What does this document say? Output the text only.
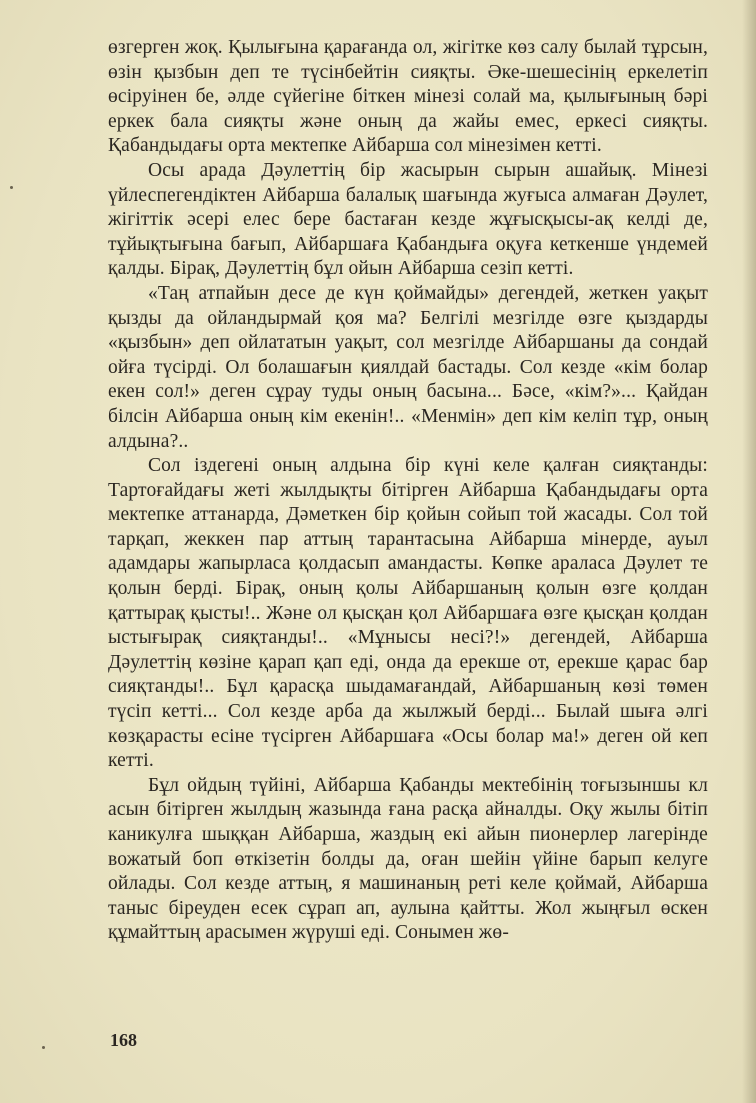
өзгерген жоқ. Қылығына қарағанда ол, жігітке көз салу былай тұрсын, өзін қызбын деп те түсінбейтін сияқты. Әке-шешесінің еркелетіп өсіруінен бе, әлде сүйегіне біткен мінезі солай ма, қылығының бәрі еркек бала сияқты және оның да жайы емес, еркесі сияқты. Қабандыдағы орта мектепке Айбарша сол мінезімен кетті.

Осы арада Дәулеттің бір жасырын сырын ашайық. Мінезі үйлеспегендіктен Айбарша балалық шағында жуғыса алмаған Дәулет, жігіттік әсері елес бере бастаған кезде жұғысқысы-ақ келді де, тұйықтығына бағып, Айбаршаға Қабандыға оқуға кеткенше үндемей қалды. Бірақ, Дәулеттің бұл ойын Айбарша сезіп кетті.

«Таң атпайын десе де күн қоймайды» дегендей, жеткен уақыт қызды да ойландырмай қоя ма? Белгілі мезгілде өзге қыздарды «қызбын» деп ойлататын уақыт, сол мезгілде Айбаршаны да сондай ойға түсірді. Ол болашағын қиялдай бастады. Сол кезде «кім болар екен сол!» деген сұрау туды оның басына... Бәсе, «кім?»... Қайдан білсін Айбарша оның кім екенін!.. «Менмін» деп кім келіп тұр, оның алдына?..

Сол іздегені оның алдына бір күні келе қалған сияқтанды: Тартоғайдағы жеті жылдықты бітірген Айбарша Қабандыдағы орта мектепке аттанарда, Дәметкен бір қойын сойып той жасады. Сол той тарқап, жеккен пар аттың тарантасына Айбарша мінерде, ауыл адамдары жапырласа қолдасып амандасты. Көпке араласа Дәулет те қолын берді. Бірақ, оның қолы Айбаршаның қолын өзге қолдан қаттырақ қысты!.. Және ол қысқан қол Айбаршаға өзге қысқан қолдан ыстығырақ сияқтанды!.. «Мұнысы несі?!» дегендей, Айбарша Дәулеттің көзіне қарап қап еді, онда да ерекше от, ерекше қарас бар сияқтанды!.. Бұл қарасқа шыдамағандай, Айбаршаның көзі төмен түсіп кетті... Сол кезде арба да жылжый берді... Былай шыға әлгі көзқарасты есіне түсірген Айбаршаға «Осы болар ма!» деген ой кеп кетті.

Бұл ойдың түйіні, Айбарша Қабанды мектебінің тоғызыншы кл асын бітірген жылдың жазында ғана расқа айналды. Оқу жылы бітіп каникулға шыққан Айбарша, жаздың екі айын пионерлер лагерінде вожатый боп өткізетін болды да, оған шейін үйіне барып келуге ойлады. Сол кезде аттың, я машинаның реті келе қоймай, Айбарша таныс біреуден есек сұрап ап, аулына қайтты. Жол жыңғыл өскен құмайттың арасымен жүруші еді. Сонымен жө-

168
